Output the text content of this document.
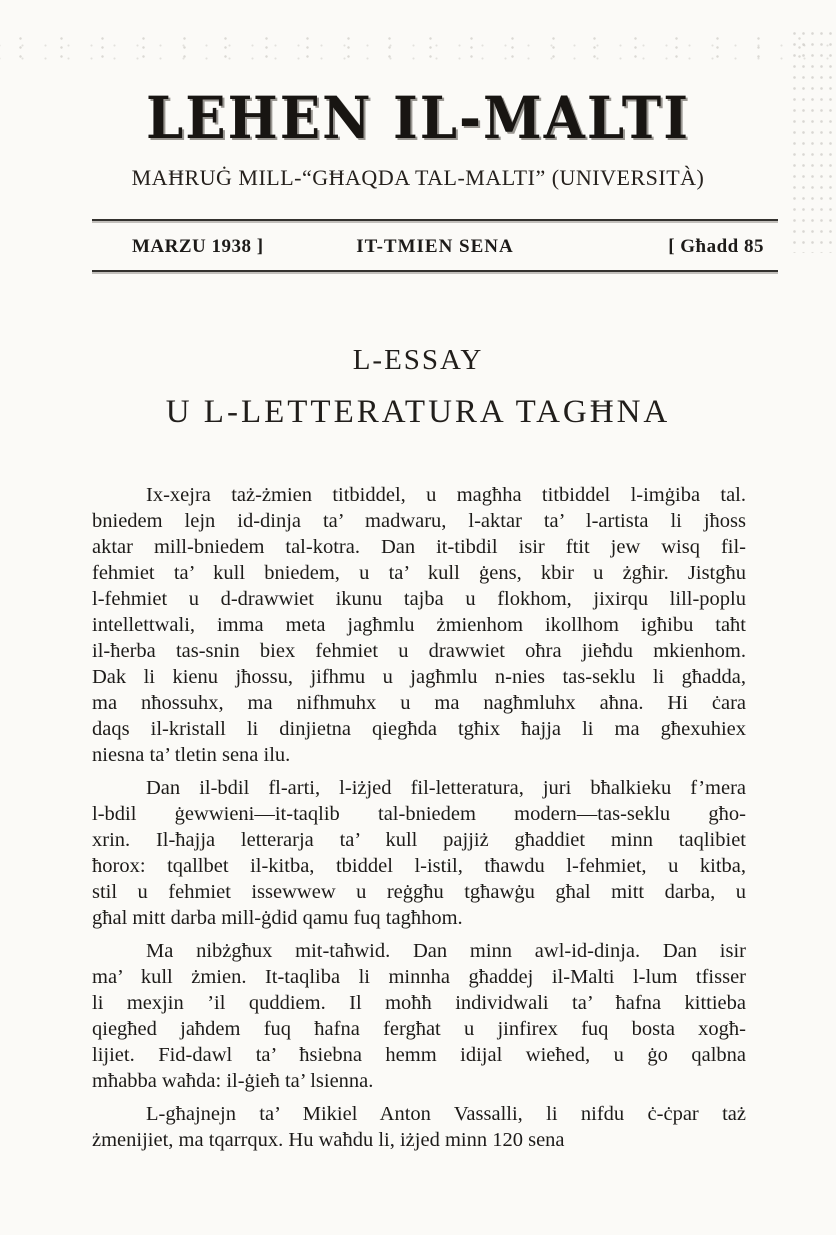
LEHEN IL-MALTI
MAĦRUĠ MILL-“GĦAQDA TAL-MALTI” (UNIVERSITÀ)
MARZU 1938 ]	IT-TMIEN SENA	[ Għadd 85
L-ESSAY
U L-LETTERATURA TAGĦNA
Ix-xejra taż-żmien titbiddel, u magħha titbiddel l-imġiba tal.
bniedem lejn id-dinja ta’ madwaru, l-aktar ta’ l-artista li jħoss
aktar mill-bniedem tal-kotra. Dan it-tibdil isir ftit jew wisq fil-
fehmiet ta’ kull bniedem, u ta’ kull ġens, kbir u żgħir. Jistgħu
l-fehmiet u d-drawwiet ikunu tajba u flokhom, jixirqu lill-poplu
intellettwali, imma meta jagħmlu żmienhom ikollhom igħibu taħt
il-ħerba tas-snin biex fehmiet u drawwiet oħra jieħdu mkienhom.
Dak li kienu jħossu, jifhmu u jagħmlu n-nies tas-seklu li għadda,
ma nħossuhx, ma nifhmuhx u ma nagħmluhx aħna. Hi ċara
daqs il-kristall li dinjietna qiegħda tgħix ħajja li ma għexuhiex
niesna ta’ tletin sena ilu.
Dan il-bdil fl-arti, l-iżjed fil-letteratura, juri bħalkieku f’mera
l-bdil ġewwieni—it-taqlib tal-bniedem modern—tas-seklu għo-
xrin. Il-ħajja letterarja ta’ kull pajjiż għaddiet minn taqlibiet
ħorox: tqallbet il-kitba, tbiddel l-istil, tħawdu l-fehmiet, u kitba,
stil u fehmiet issewwew u reġgħu tgħawġu għal mitt darba, u
għal mitt darba mill-ġdid qamu fuq tagħhom.
Ma nibżgħux mit-taħwid. Dan minn awl-id-dinja. Dan isir
ma’ kull żmien. It-taqliba li minnha għaddej il-Malti l-lum tfisser
li mexjin ’il quddiem. Il moħħ individwali ta’ ħafna kittieba
qiegħed jaħdem fuq ħafna fergħat u jinfirex fuq bosta xogħ-
lijiet. Fid-dawl ta’ ħsiebna hemm idijal wieħed, u ġo qalbna
mħabba waħda: il-ġieħ ta’ lsienna.
L-għajnejn ta’ Mikiel Anton Vassalli, li nifdu ċ-ċpar taż
żmenijiet, ma tqarrqux. Hu waħdu li, iżjed minn 120 sena
